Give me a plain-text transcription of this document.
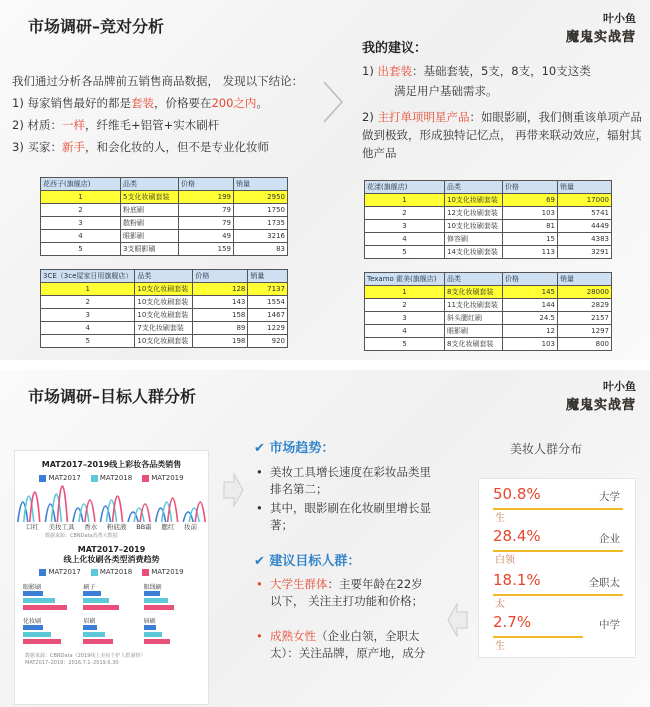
市场调研–竞对分析	叶小鱼
魔鬼实战营
我们通过分析各品牌前五销售商品数据， 发现以下结论：
1) 每家销售最好的都是套装，价格要在200之内。
2) 材质：一样，纤维毛+铝管+实木刷杆
3) 买家：新手，和会化妆的人，但不是专业化妆师
我的建议：
1) 出套装：基础套装，5支，8支，10支这类
满足用户基础需求。
2) 主打单项明星产品：如眼影刷，我们侧重该单项产品做到极致，形成独特记忆点， 再带来联动效应，辐射其他产品
花西子(旗舰店)	品类	价格	销量
1	5支化妆刷套装	199	2950
2	粉底刷	79	1750
3	散粉刷	79	1735
4	眼影刷	49	3216
5	3支眼影刷	159	83
3CE（3ce屋家日用旗舰店）	品类	价格	销量
1	10支化妆刷套装	128	7137
2	10支化妆刷套装	143	1554
3	10支化妆刷套装	158	1467
4	7支化妆刷套装	89	1229
5	10支化妆刷套装	198	920
花漾(旗舰店)	品类	价格	销量
1	10支化妆刷套装	69	17000
2	12支化妆刷套装	103	5741
3	10支化妆刷套装	81	4449
4	修容刷	15	4383
5	14支化妆刷套装	113	3291
Texamo 霍美(旗舰店)	品类	价格	销量
1	8支化妆刷套装	145	28000
2	11支化妆刷套装	144	2829
3	斜头腮红刷	24.5	2157
4	眼影刷	12	1297
5	8支化妆刷套装	103	800
市场调研–目标人群分析
叶小鱼
魔鬼实战营
MAT2017–2019线上彩妆各品类销售
MAT2017	MAT2018	MAT2019
口红 美妆工具 香水 粉底液 BB霜 腮红 妆前
数据来源：CBNData消费大数据
MAT2017–2019
线上化妆刷各类型消费趋势
MAT2017	MAT2018	MAT2019
眼影刷	刷子	眼线刷

化妆刷	眉刷	唇刷

数据来源：CBNData《2019线上美妆个护人群洞察》
MAT2017–2019：2016.7.1–2019.6.30
✔ 市场趋势：
• 美妆工具增长速度在彩妆品类里排名第二；
• 其中，眼影刷在化妆刷里增长显著；
✔ 建议目标人群：
• 大学生群体：主要年龄在22岁以下， 关注主打功能和价格；
• 成熟女性（企业白领，全职太太）：关注品牌，原产地，成分
美妆人群分布
50.8%	大学
生
28.4%	企业
白领
18.1%	全职太
太
2.7%	中学
生
